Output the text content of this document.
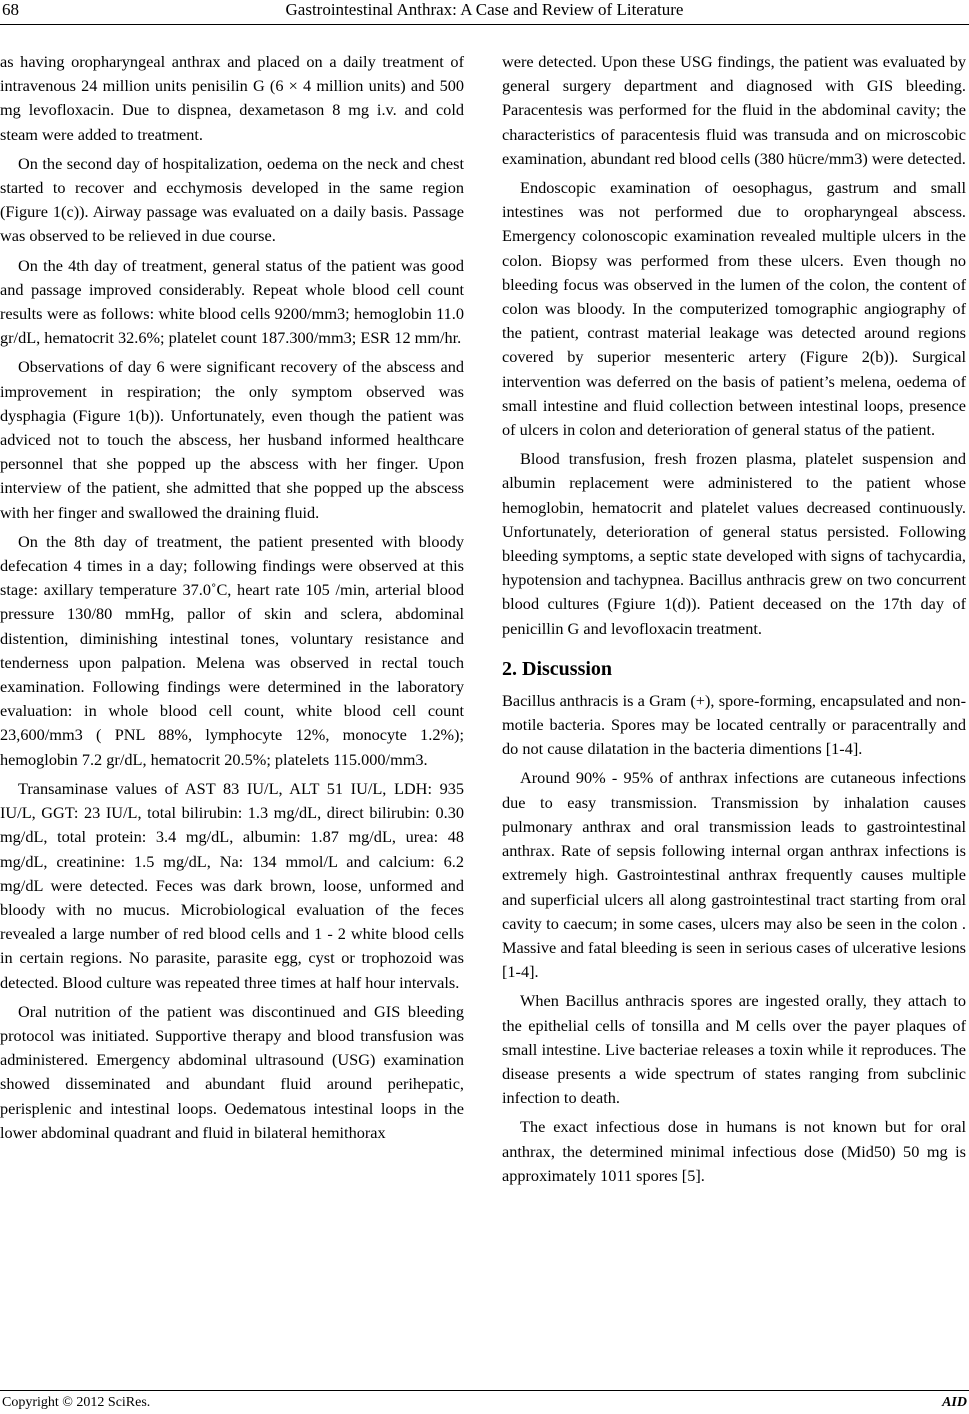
68	Gastrointestinal Anthrax: A Case and Review of Literature

as having oropharyngeal anthrax and placed on a daily treatment of intravenous 24 million units penisilin G (6 × 4 million units) and 500 mg levofloxacin. Due to dispnea, dexametason 8 mg i.v. and cold steam were added to treatment.

On the second day of hospitalization, oedema on the neck and chest started to recover and ecchymosis developed in the same region (Figure 1(c)). Airway passage was evaluated on a daily basis. Passage was observed to be relieved in due course.

On the 4th day of treatment, general status of the patient was good and passage improved considerably. Repeat whole blood cell count results were as follows: white blood cells 9200/mm3; hemoglobin 11.0 gr/dL, hematocrit 32.6%; platelet count 187.300/mm3; ESR 12 mm/hr.

Observations of day 6 were significant recovery of the abscess and improvement in respiration; the only symptom observed was dysphagia (Figure 1(b)). Unfortunately, even though the patient was adviced not to touch the abscess, her husband informed healthcare personnel that she popped up the abscess with her finger. Upon interview of the patient, she admitted that she popped up the abscess with her finger and swallowed the draining fluid.

On the 8th day of treatment, the patient presented with bloody defecation 4 times in a day; following findings were observed at this stage: axillary temperature 37.0˚C, heart rate 105 /min, arterial blood pressure 130/80 mmHg, pallor of skin and sclera, abdominal distention, diminishing intestinal tones, voluntary resistance and tenderness upon palpation. Melena was observed in rectal touch examination. Following findings were determined in the laboratory evaluation: in whole blood cell count, white blood cell count 23,600/mm3 ( PNL 88%, lymphocyte 12%, monocyte 1.2%); hemoglobin 7.2 gr/dL, hematocrit 20.5%; platelets 115.000/mm3.

Transaminase values of AST 83 IU/L, ALT 51 IU/L, LDH: 935 IU/L, GGT: 23 IU/L, total bilirubin: 1.3 mg/dL, direct bilirubin: 0.30 mg/dL, total protein: 3.4 mg/dL, albumin: 1.87 mg/dL, urea: 48 mg/dL, creatinine: 1.5 mg/dL, Na: 134 mmol/L and calcium: 6.2 mg/dL were detected. Feces was dark brown, loose, unformed and bloody with no mucus. Microbiological evaluation of the feces revealed a large number of red blood cells and 1 - 2 white blood cells in certain regions. No parasite, parasite egg, cyst or trophozoid was detected. Blood culture was repeated three times at half hour intervals.

Oral nutrition of the patient was discontinued and GIS bleeding protocol was initiated. Supportive therapy and blood transfusion was administered. Emergency abdominal ultrasound (USG) examination showed disseminated and abundant fluid around perihepatic, perisplenic and intestinal loops. Oedematous intestinal loops in the lower abdominal quadrant and fluid in bilateral hemithorax

were detected. Upon these USG findings, the patient was evaluated by general surgery department and diagnosed with GIS bleeding. Paracentesis was performed for the fluid in the abdominal cavity; the characteristics of paracentesis fluid was transuda and on microscobic examination, abundant red blood cells (380 hücre/mm3) were detected.

Endoscopic examination of oesophagus, gastrum and small intestines was not performed due to oropharyngeal abscess. Emergency colonoscopic examination revealed multiple ulcers in the colon. Biopsy was performed from these ulcers. Even though no bleeding focus was observed in the lumen of the colon, the content of colon was bloody. In the computerized tomographic angiography of the patient, contrast material leakage was detected around regions covered by superior mesenteric artery (Figure 2(b)). Surgical intervention was deferred on the basis of patient’s melena, oedema of small intestine and fluid collection between intestinal loops, presence of ulcers in colon and deterioration of general status of the patient.

Blood transfusion, fresh frozen plasma, platelet suspension and albumin replacement were administered to the patient whose hemoglobin, hematocrit and platelet values decreased continuously. Unfortunately, deterioration of general status persisted. Following bleeding symptoms, a septic state developed with signs of tachycardia, hypotension and tachypnea. Bacillus anthracis grew on two concurrent blood cultures (Fgiure 1(d)). Patient deceased on the 17th day of penicillin G and levofloxacin treatment.

2. Discussion

Bacillus anthracis is a Gram (+), spore-forming, encapsulated and non-motile bacteria. Spores may be located centrally or paracentrally and do not cause dilatation in the bacteria dimentions [1-4].

Around 90% - 95% of anthrax infections are cutaneous infections due to easy transmission. Transmission by inhalation causes pulmonary anthrax and oral transmission leads to gastrointestinal anthrax. Rate of sepsis following internal organ anthrax infections is extremely high. Gastrointestinal anthrax frequently causes multiple and superficial ulcers all along gastrointestinal tract starting from oral cavity to caecum; in some cases, ulcers may also be seen in the colon . Massive and fatal bleeding is seen in serious cases of ulcerative lesions [1-4].

When Bacillus anthracis spores are ingested orally, they attach to the epithelial cells of tonsilla and M cells over the payer plaques of small intestine. Live bacteriae releases a toxin while it reproduces. The disease presents a wide spectrum of states ranging from subclinic infection to death.

The exact infectious dose in humans is not known but for oral anthrax, the determined minimal infectious dose (Mid50) 50 mg is approximately 1011 spores [5].

Copyright © 2012 SciRes.	AID
